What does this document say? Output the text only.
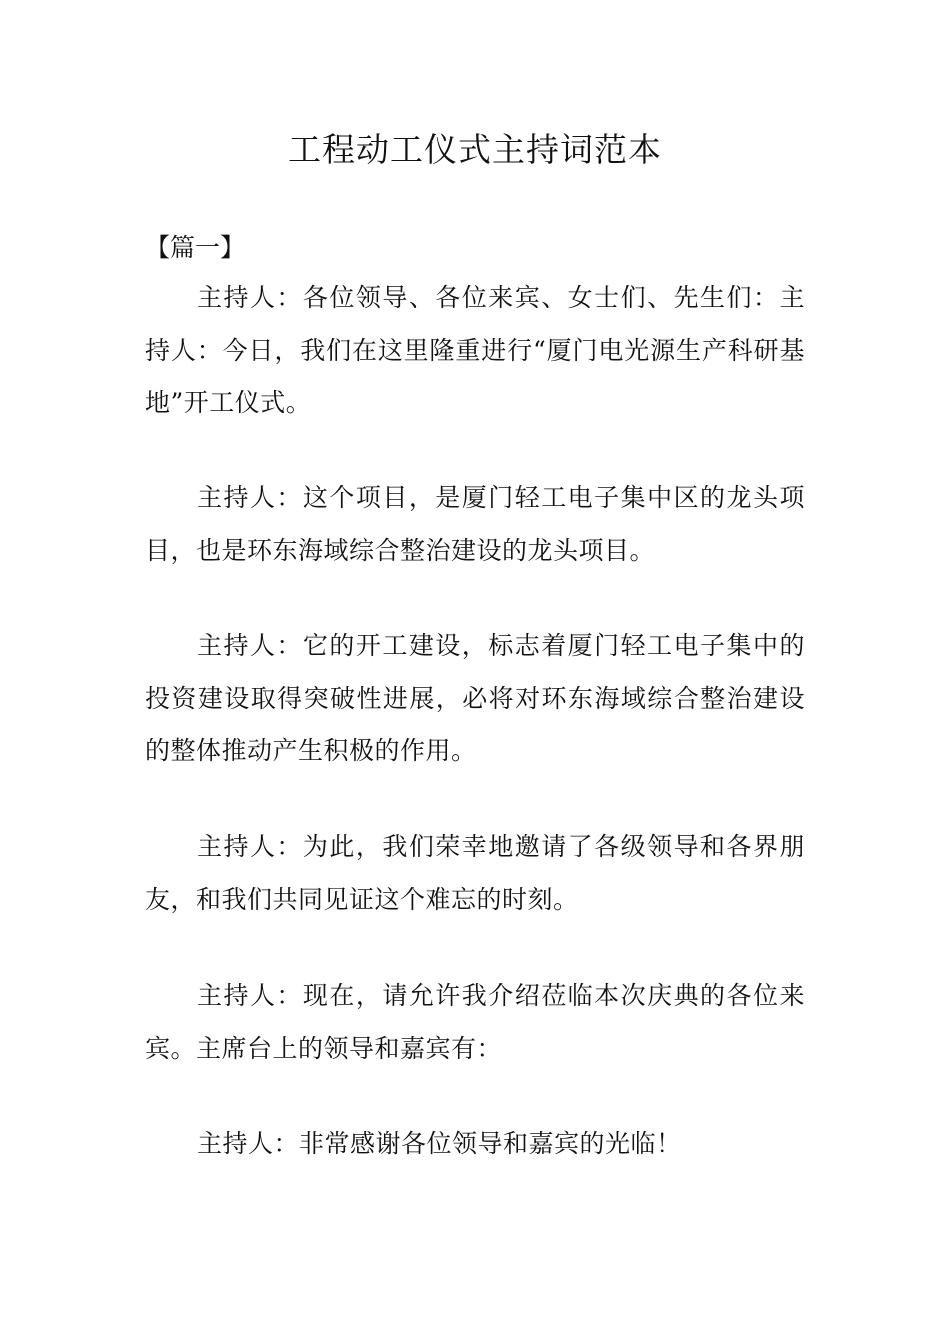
工程动工仪式主持词范本
【篇一】

主持人：各位领导、各位来宾、女士们、先生们：主持人：今日，我们在这里隆重进行“厦门电光源生产科研基地”开工仪式。

主持人：这个项目，是厦门轻工电子集中区的龙头项目，也是环东海域综合整治建设的龙头项目。

主持人：它的开工建设，标志着厦门轻工电子集中的投资建设取得突破性进展，必将对环东海域综合整治建设的整体推动产生积极的作用。

主持人：为此，我们荣幸地邀请了各级领导和各界朋友，和我们共同见证这个难忘的时刻。

主持人：现在，请允许我介绍莅临本次庆典的各位来宾。主席台上的领导和嘉宾有：

主持人：非常感谢各位领导和嘉宾的光临！
